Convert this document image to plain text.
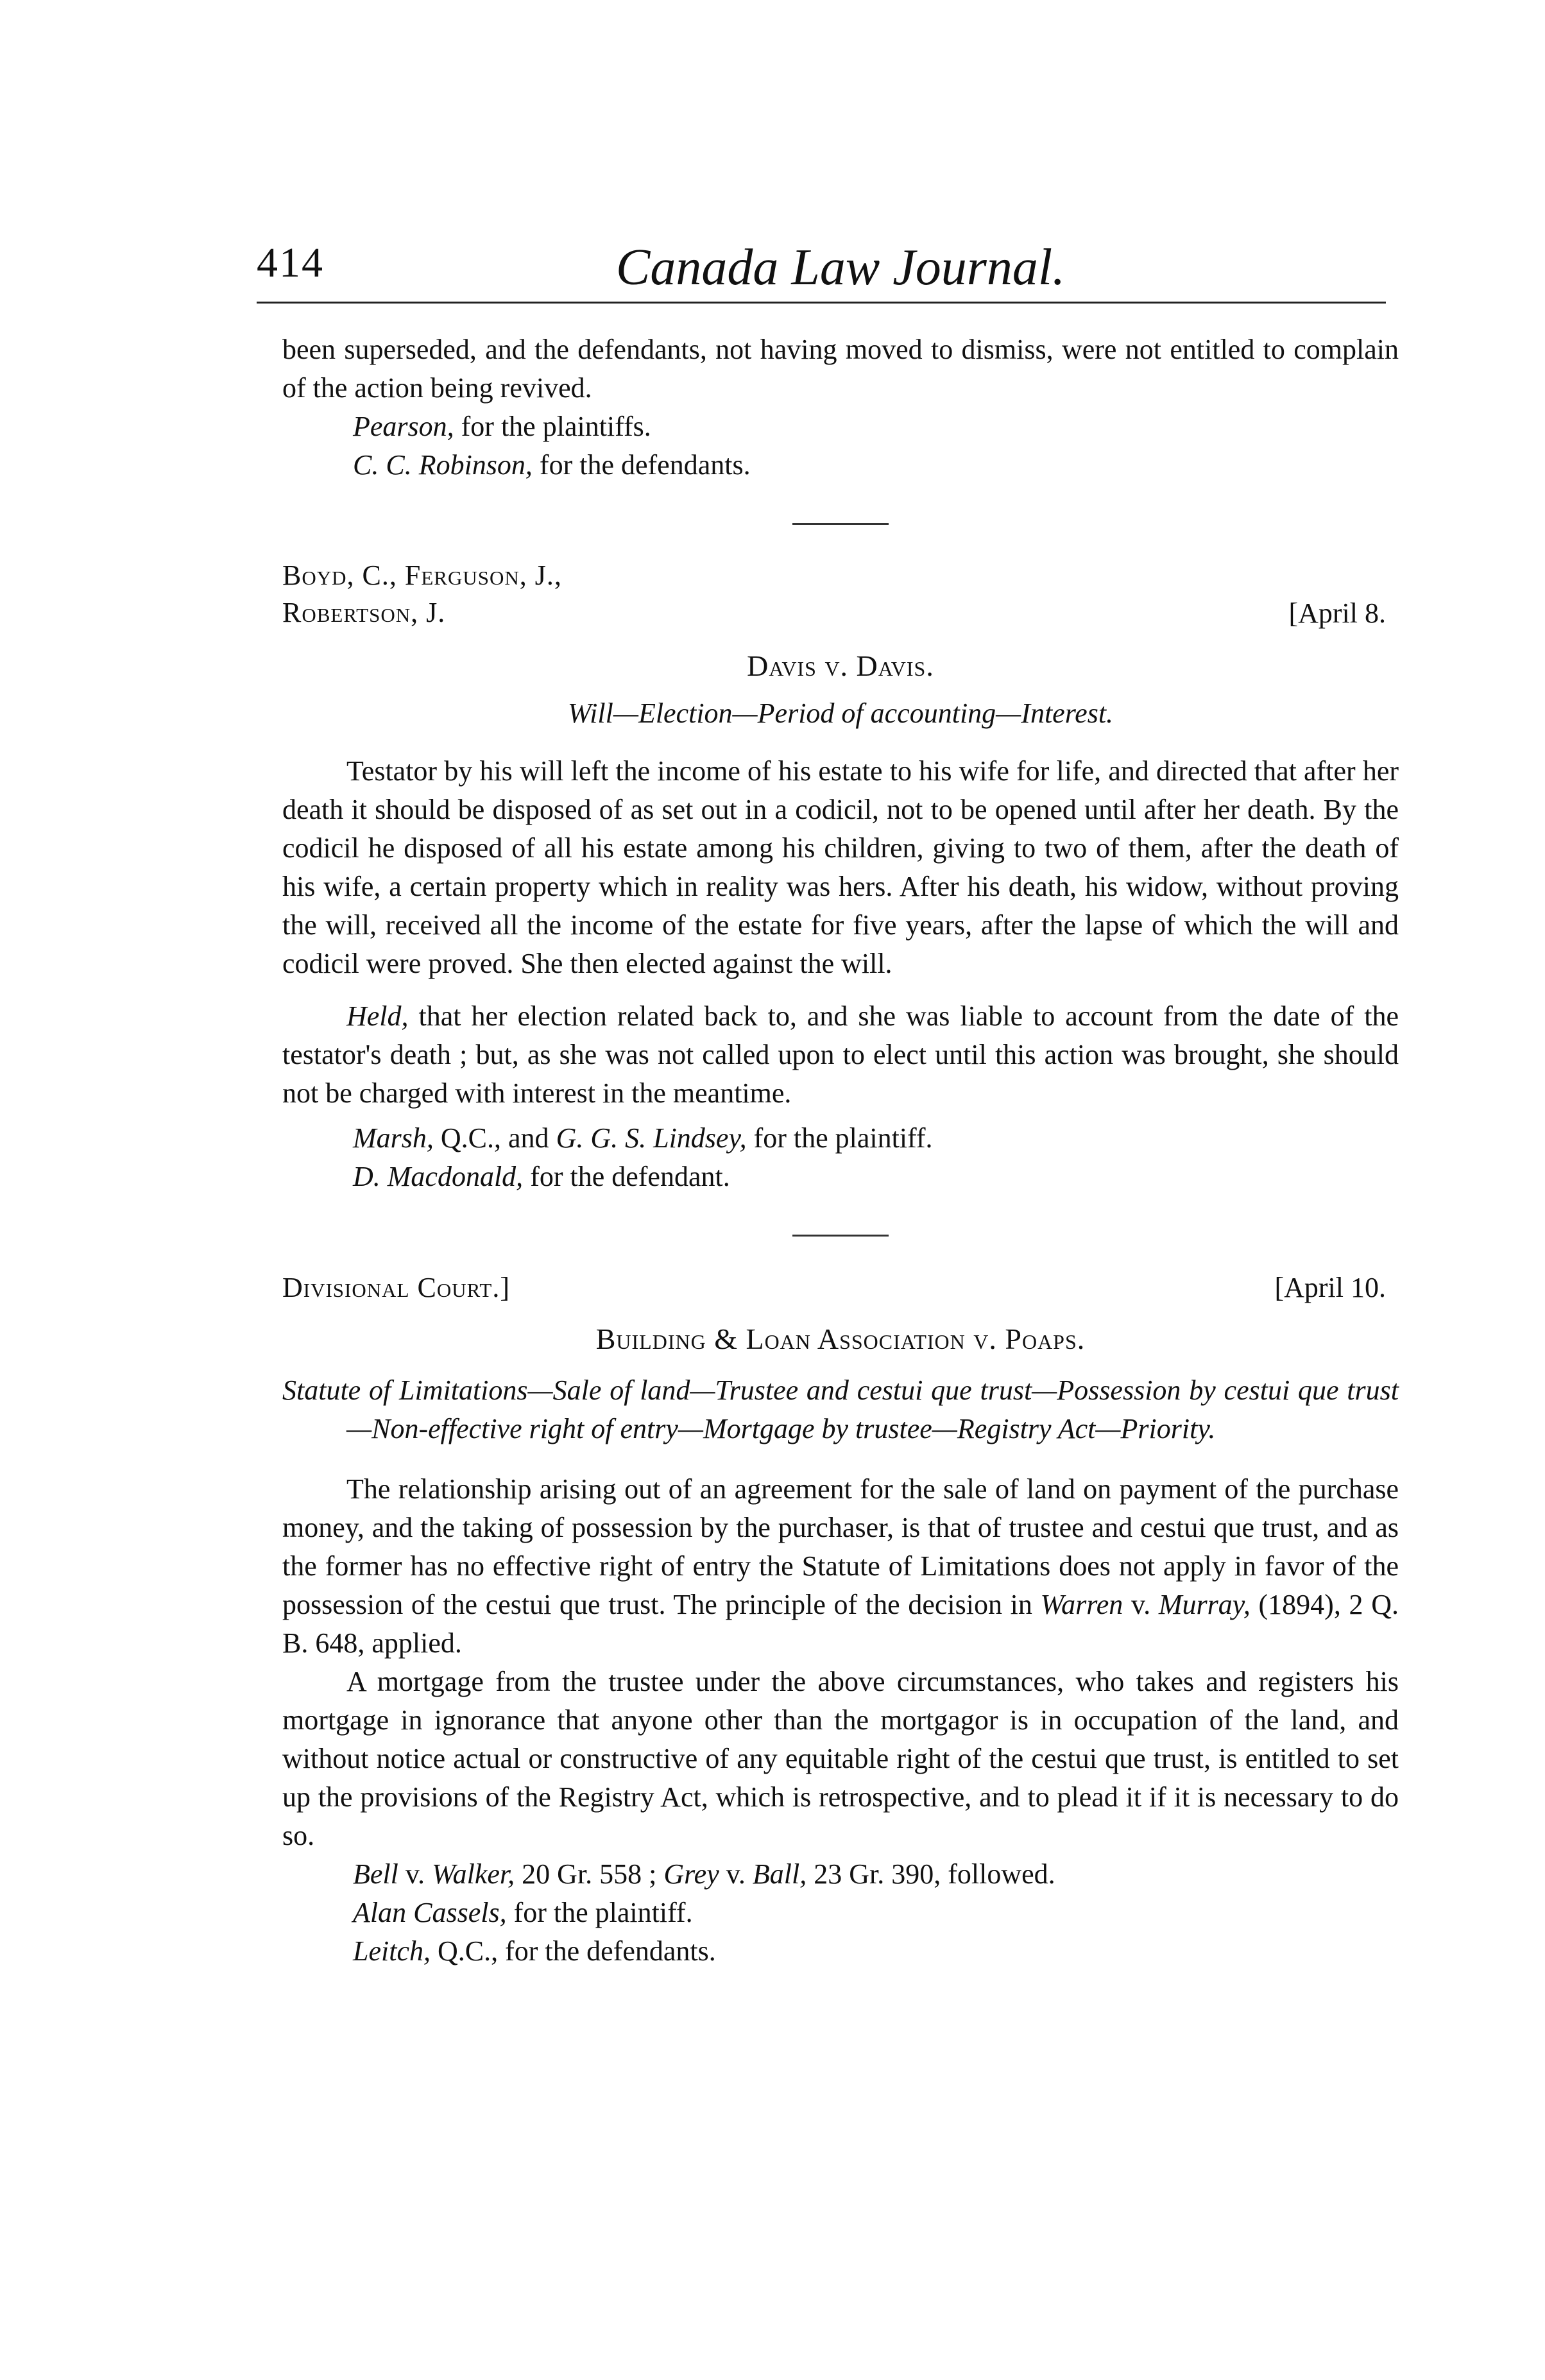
414	Canada Law Journal.

been superseded, and the defendants, not having moved to dismiss, were not entitled to complain of the action being revived.

Pearson, for the plaintiffs.

C. C. Robinson, for the defendants.

Boyd, C., Ferguson, J.,
Robertson, J.	[April 8.

Davis v. Davis.

Will—Election—Period of accounting—Interest.

Testator by his will left the income of his estate to his wife for life, and directed that after her death it should be disposed of as set out in a codicil, not to be opened until after her death. By the codicil he disposed of all his estate among his children, giving to two of them, after the death of his wife, a certain property which in reality was hers. After his death, his widow, without proving the will, received all the income of the estate for five years, after the lapse of which the will and codicil were proved. She then elected against the will.

Held, that her election related back to, and she was liable to account from the date of the testator's death ; but, as she was not called upon to elect until this action was brought, she should not be charged with interest in the meantime.

Marsh, Q.C., and G. G. S. Lindsey, for the plaintiff.

D. Macdonald, for the defendant.

Divisional Court.]	[April 10.

Building & Loan Association v. Poaps.

Statute of Limitations—Sale of land—Trustee and cestui que trust—Possession by cestui que trust—Non-effective right of entry—Mortgage by trustee—Registry Act—Priority.

The relationship arising out of an agreement for the sale of land on payment of the purchase money, and the taking of possession by the purchaser, is that of trustee and cestui que trust, and as the former has no effective right of entry the Statute of Limitations does not apply in favor of the possession of the cestui que trust. The principle of the decision in Warren v. Murray, (1894), 2 Q. B. 648, applied.

A mortgage from the trustee under the above circumstances, who takes and registers his mortgage in ignorance that anyone other than the mortgagor is in occupation of the land, and without notice actual or constructive of any equitable right of the cestui que trust, is entitled to set up the provisions of the Registry Act, which is retrospective, and to plead it if it is necessary to do so.

Bell v. Walker, 20 Gr. 558 ; Grey v. Ball, 23 Gr. 390, followed.

Alan Cassels, for the plaintiff.

Leitch, Q.C., for the defendants.
